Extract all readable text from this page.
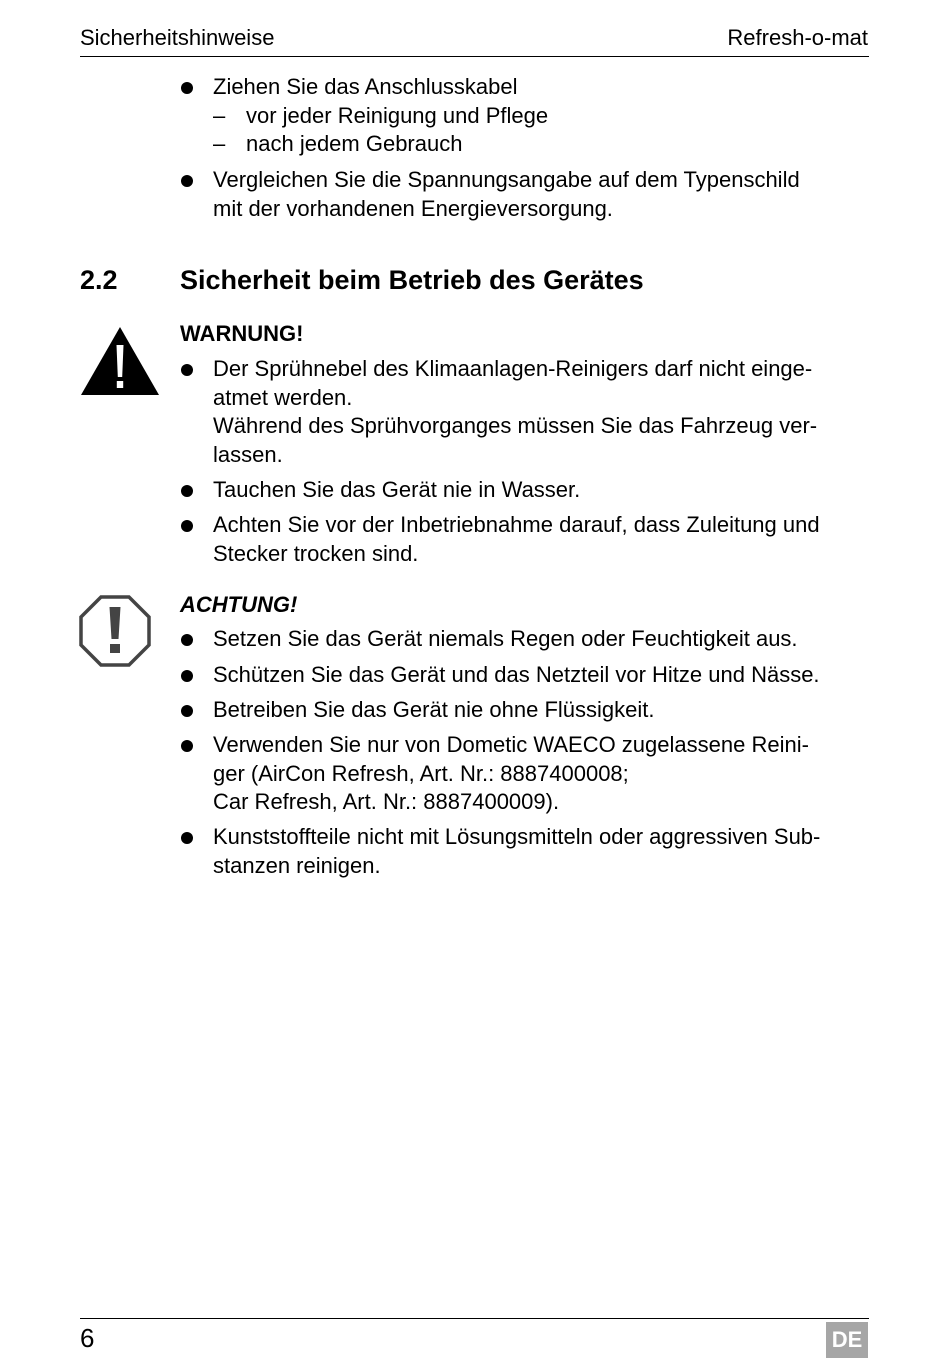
Sicherheitshinweise	Refresh-o-mat
Ziehen Sie das Anschlusskabel
– vor jeder Reinigung und Pflege
– nach jedem Gebrauch
Vergleichen Sie die Spannungsangabe auf dem Typenschild
mit der vorhandenen Energieversorgung.
Der Sprühnebel des Klimaanlagen-Reinigers darf nicht einge-
atmet werden.
Während des Sprühvorganges müssen Sie das Fahrzeug ver-
lassen.
Tauchen Sie das Gerät nie in Wasser.
Achten Sie vor der Inbetriebnahme darauf, dass Zuleitung und
Stecker trocken sind.
Setzen Sie das Gerät niemals Regen oder Feuchtigkeit aus.
Schützen Sie das Gerät und das Netzteil vor Hitze und Nässe.
Betreiben Sie das Gerät nie ohne Flüssigkeit.
Verwenden Sie nur von Dometic WAECO zugelassene Reini-
ger (AirCon Refresh, Art. Nr.: 8887400008;
Car Refresh, Art. Nr.: 8887400009).
Kunststoffteile nicht mit Lösungsmitteln oder aggressiven Sub-
stanzen reinigen.
2.2 Sicherheit beim Betrieb des Gerätes
WARNUNG!
ACHTUNG!
6	DE
